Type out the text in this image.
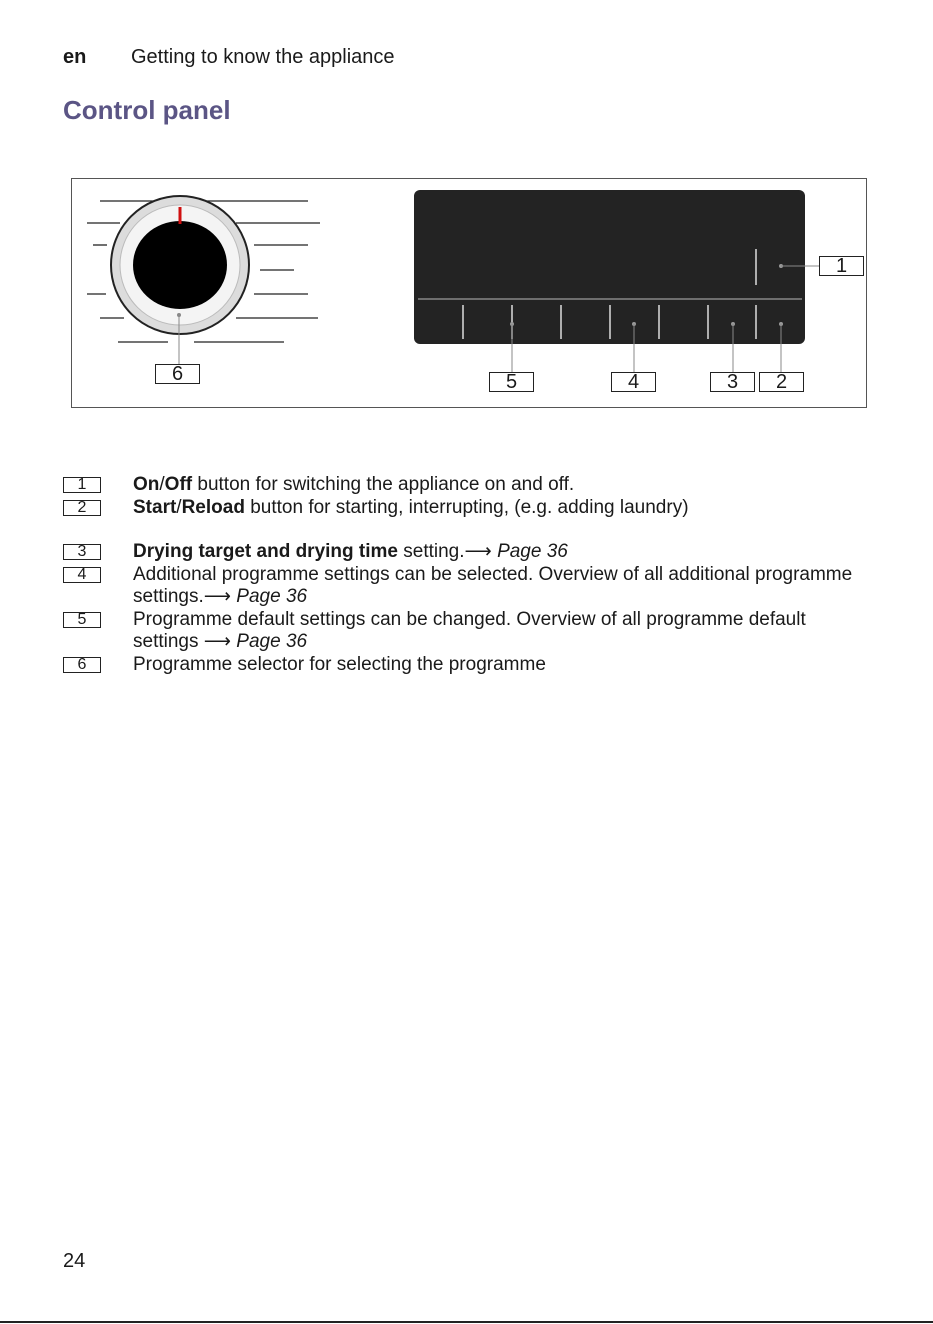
en Getting to know the appliance
Control panel
1
2
3
4
5
6
1	On/Off button for switching the appliance on and off.
2	Start/Reload button for starting, interrupting, (e.g. adding laundry)
3	Drying target and drying time setting.⟶ Page 36
4	Additional programme settings can be selected. Overview of all additional programme settings.⟶ Page 36
5	Programme default settings can be changed. Overview of all programme default settings ⟶ Page 36
6	Programme selector for selecting the programme
24
